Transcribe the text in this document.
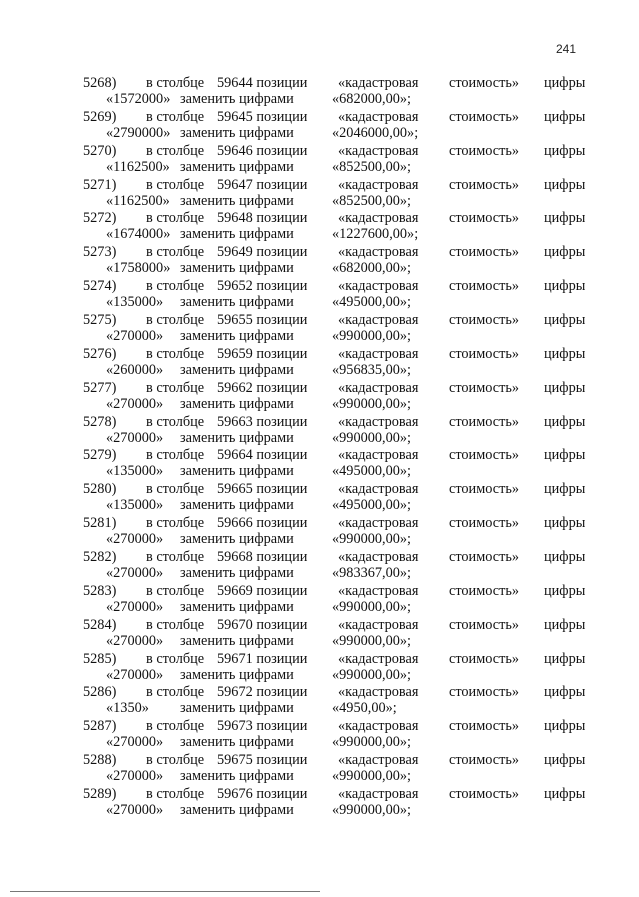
241
5268) в столбце 59644 позиции «кадастровая стоимость» цифры
«1572000» заменить цифрами	«682000,00»;
5269) в столбце 59645 позиции «кадастровая стоимость» цифры
«2790000» заменить цифрами	«2046000,00»;
5270) в столбце 59646 позиции «кадастровая стоимость» цифры
«1162500» заменить цифрами	«852500,00»;
5271) в столбце 59647 позиции «кадастровая стоимость» цифры
«1162500» заменить цифрами	«852500,00»;
5272) в столбце 59648 позиции «кадастровая стоимость» цифры
«1674000» заменить цифрами	«1227600,00»;
5273) в столбце 59649 позиции «кадастровая стоимость» цифры
«1758000» заменить цифрами	«682000,00»;
5274) в столбце 59652 позиции «кадастровая стоимость» цифры
«135000» заменить цифрами	«495000,00»;
5275) в столбце 59655 позиции «кадастровая стоимость» цифры
«270000» заменить цифрами	«990000,00»;
5276) в столбце 59659 позиции «кадастровая стоимость» цифры
«260000» заменить цифрами	«956835,00»;
5277) в столбце 59662 позиции «кадастровая стоимость» цифры
«270000» заменить цифрами	«990000,00»;
5278) в столбце 59663 позиции «кадастровая стоимость» цифры
«270000» заменить цифрами	«990000,00»;
5279) в столбце 59664 позиции «кадастровая стоимость» цифры
«135000» заменить цифрами	«495000,00»;
5280) в столбце 59665 позиции «кадастровая стоимость» цифры
«135000» заменить цифрами	«495000,00»;
5281) в столбце 59666 позиции «кадастровая стоимость» цифры
«270000» заменить цифрами	«990000,00»;
5282) в столбце 59668 позиции «кадастровая стоимость» цифры
«270000» заменить цифрами	«983367,00»;
5283) в столбце 59669 позиции «кадастровая стоимость» цифры
«270000» заменить цифрами	«990000,00»;
5284) в столбце 59670 позиции «кадастровая стоимость» цифры
«270000» заменить цифрами	«990000,00»;
5285) в столбце 59671 позиции «кадастровая стоимость» цифры
«270000» заменить цифрами	«990000,00»;
5286) в столбце 59672 позиции «кадастровая стоимость» цифры
«1350» заменить цифрами	«4950,00»;
5287) в столбце 59673 позиции «кадастровая стоимость» цифры
«270000» заменить цифрами	«990000,00»;
5288) в столбце 59675 позиции «кадастровая стоимость» цифры
«270000» заменить цифрами	«990000,00»;
5289) в столбце 59676 позиции «кадастровая стоимость» цифры
«270000» заменить цифрами	«990000,00»;
